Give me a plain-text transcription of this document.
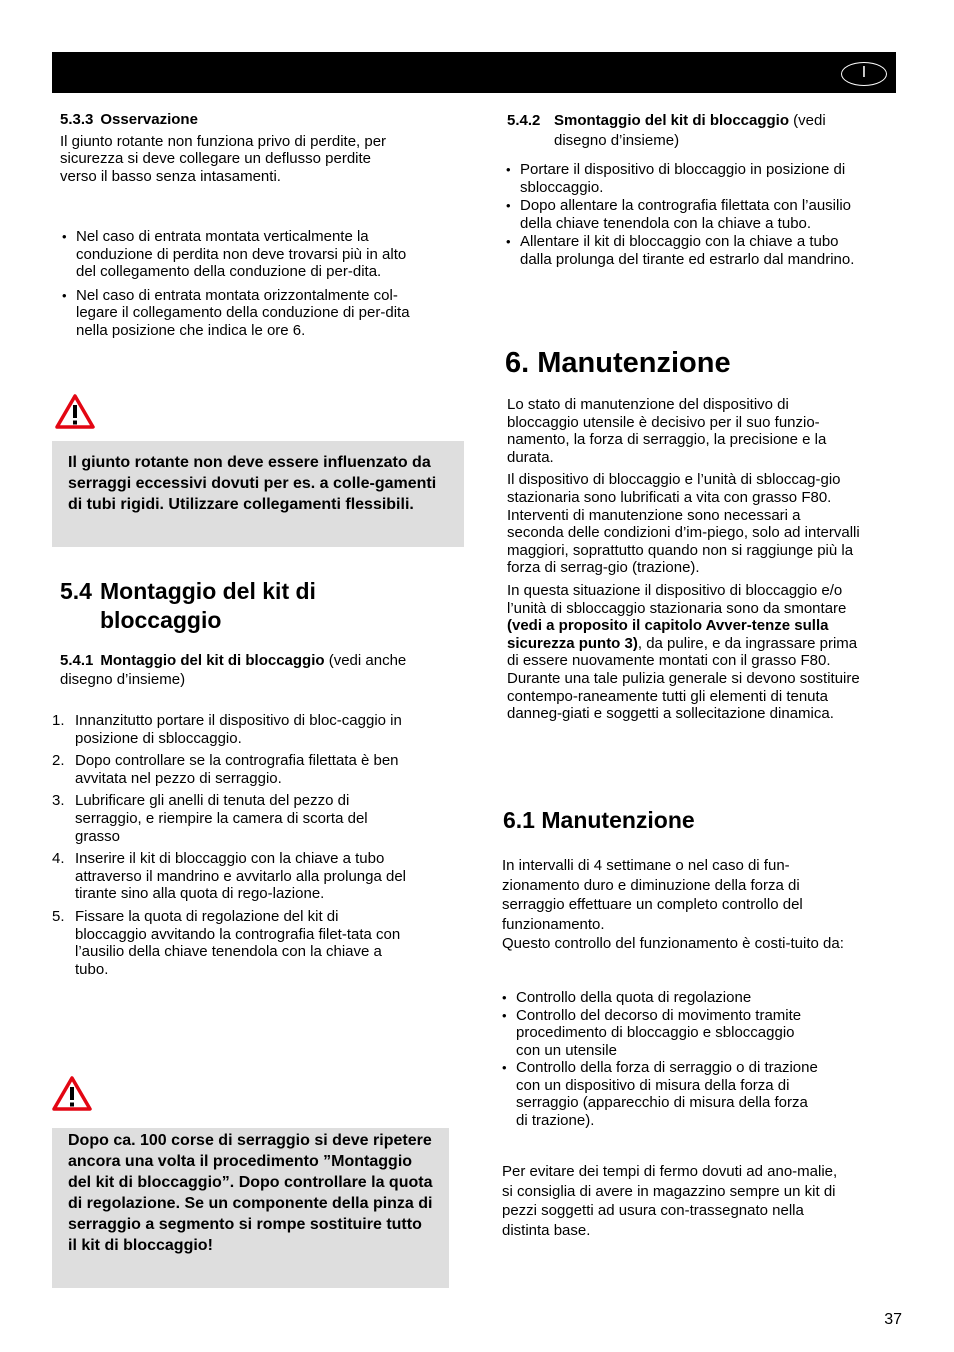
I
5.3.3 Osservazione

Il giunto rotante non funziona privo di perdite, per sicurezza si deve collegare un deflusso perdite verso il basso senza intasamenti.

• Nel caso di entrata montata verticalmente la conduzione di perdita non deve trovarsi più in alto del collegamento della conduzione di per-dita.
• Nel caso di entrata montata orizzontalmente col-legare il collegamento della conduzione di per-dita nella posizione che indica le ore 6.

Il giunto rotante non deve essere influenzato da serraggi eccessivi dovuti per es. a colle-gamenti di tubi rigidi. Utilizzare collegamenti flessibili.

5.4 Montaggio del kit di
bloccaggio

5.4.1 Montaggio del kit di bloccaggio (vedi anche disegno d’insieme)

1. Innanzitutto portare il dispositivo di bloc-caggio in posizione di sbloccaggio.
2. Dopo controllare se la contrografia filettata è ben avvitata nel pezzo di serraggio.
3. Lubrificare gli anelli di tenuta del pezzo di serraggio, e riempire la camera di scorta del grasso
4. Inserire il kit di bloccaggio con la chiave a tubo attraverso il mandrino e avvitarlo alla prolunga del tirante sino alla quota di rego-lazione.
5. Fissare la quota di regolazione del kit di bloccaggio avvitando la contrografia filet-tata con l’ausilio della chiave tenendola con la chiave a tubo.

Dopo ca. 100 corse di serraggio si deve ripetere ancora una volta il procedimento ”Montaggio del kit di bloccaggio”. Dopo controllare la quota di regolazione. Se un componente della pinza di serraggio a segmento si rompe sostituire tutto il kit di bloccaggio!

5.4.2 Smontaggio del kit di bloccaggio (vedi disegno d’insieme)
• Portare il dispositivo di bloccaggio in posizione di sbloccaggio.
• Dopo allentare la contrografia filettata con l’ausilio della chiave tenendola con la chiave a tubo.
• Allentare il kit di bloccaggio con la chiave a tubo dalla prolunga del tirante ed estrarlo dal mandrino.
6. Manutenzione

Lo stato di manutenzione del dispositivo di bloccaggio utensile è decisivo per il suo funzio-namento, la forza di serraggio, la precisione e la durata.

Il dispositivo di bloccaggio e l’unità di sbloccag-gio stazionaria sono lubrificati a vita con grasso F80. Interventi di manutenzione sono necessari a seconda delle condizioni d’im-piego, solo ad intervalli maggiori, soprattutto quando non si raggiunge più la forza di serrag-gio (trazione).

In questa situazione il dispositivo di bloccaggio e/o l’unità di sbloccaggio stazionaria sono da smontare (vedi a proposito il capitolo Avver-tenze sulla sicurezza punto 3), da pulire, e da ingrassare prima di essere nuovamente montati con il grasso F80. Durante una tale pulizia generale si devono sostituire contempo-raneamente tutti gli elementi di tenuta danneg-giati e soggetti a sollecitazione dinamica.

6.1 Manutenzione

In intervalli di 4 settimane o nel caso di fun-zionamento duro e diminuzione della forza di serraggio effettuare un completo controllo del funzionamento.

Questo controllo del funzionamento è costi-tuito da:

• Controllo della quota di regolazione
• Controllo del decorso di movimento tramite procedimento di bloccaggio e sbloccaggio con un utensile
• Controllo della forza di serraggio o di trazione con un dispositivo di misura della forza di serraggio (apparecchio di misura della forza di trazione).

Per evitare dei tempi di fermo dovuti ad ano-malie, si consiglia di avere in magazzino sempre un kit di pezzi soggetti ad usura con-trassegnato nella distinta base.

37
